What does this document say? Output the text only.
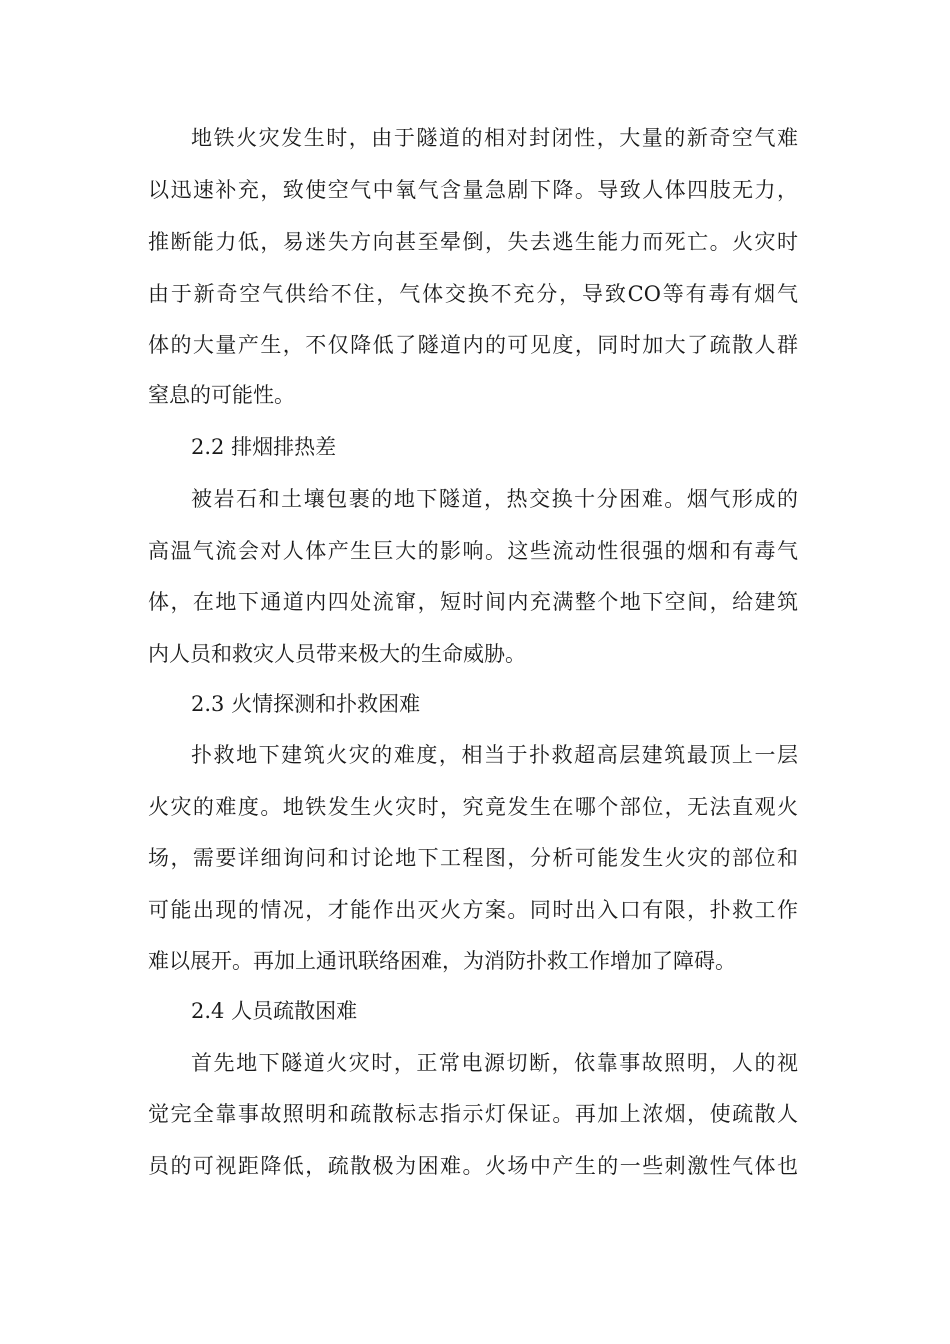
地铁火灾发生时，由于隧道的相对封闭性，大量的新奇空气难
以迅速补充，致使空气中氧气含量急剧下降。导致人体四肢无力，
推断能力低，易迷失方向甚至晕倒，失去逃生能力而死亡。火灾时
由于新奇空气供给不住，气体交换不充分，导致CO等有毒有烟气
体的大量产生，不仅降低了隧道内的可见度，同时加大了疏散人群
窒息的可能性。
2.2 排烟排热差
被岩石和土壤包裹的地下隧道，热交换十分困难。烟气形成的
高温气流会对人体产生巨大的影响。这些流动性很强的烟和有毒气
体，在地下通道内四处流窜，短时间内充满整个地下空间，给建筑
内人员和救灾人员带来极大的生命威胁。
2.3 火情探测和扑救困难
扑救地下建筑火灾的难度，相当于扑救超高层建筑最顶上一层
火灾的难度。地铁发生火灾时，究竟发生在哪个部位，无法直观火
场，需要详细询问和讨论地下工程图，分析可能发生火灾的部位和
可能出现的情况，才能作出灭火方案。同时出入口有限，扑救工作
难以展开。再加上通讯联络困难，为消防扑救工作增加了障碍。
2.4 人员疏散困难
首先地下隧道火灾时，正常电源切断，依靠事故照明，人的视
觉完全靠事故照明和疏散标志指示灯保证。再加上浓烟，使疏散人
员的可视距降低，疏散极为困难。火场中产生的一些刺激性气体也
